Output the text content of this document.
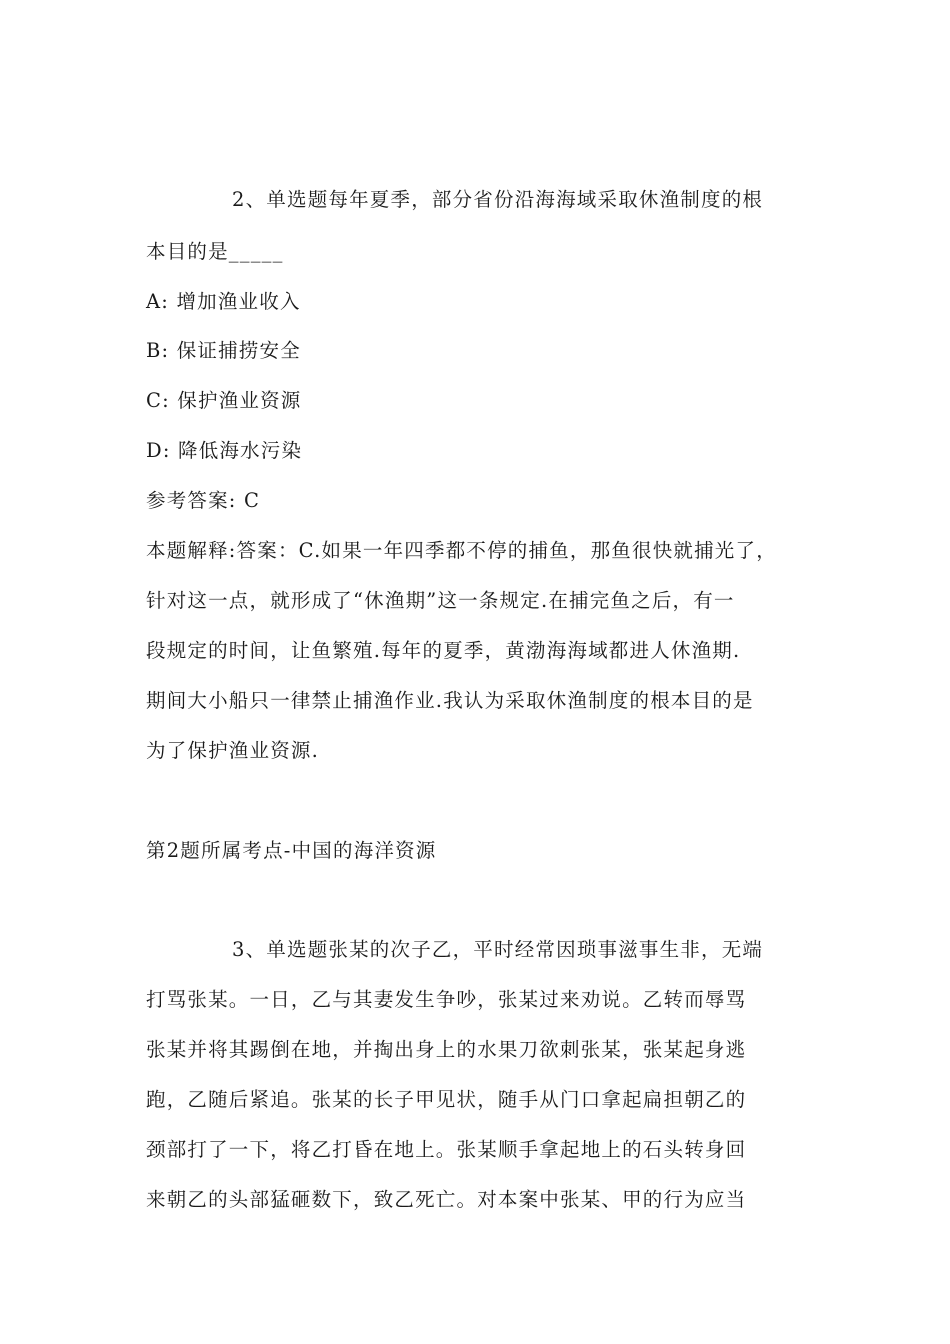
2、单选题每年夏季，部分省份沿海海域采取休渔制度的根
本目的是_____
A: 增加渔业收入
B: 保证捕捞安全
C: 保护渔业资源
D: 降低海水污染
参考答案: C
本题解释:答案：C.如果一年四季都不停的捕鱼，那鱼很快就捕光了，
针对这一点，就形成了“休渔期”这一条规定.在捕完鱼之后，有一
段规定的时间，让鱼繁殖.每年的夏季，黄渤海海域都进人休渔期.
期间大小船只一律禁止捕渔作业.我认为采取休渔制度的根本目的是
为了保护渔业资源.
第2题所属考点-中国的海洋资源
3、单选题张某的次子乙，平时经常因琐事滋事生非，无端
打骂张某。一日，乙与其妻发生争吵，张某过来劝说。乙转而辱骂
张某并将其踢倒在地，并掏出身上的水果刀欲刺张某，张某起身逃
跑，乙随后紧追。张某的长子甲见状，随手从门口拿起扁担朝乙的
颈部打了一下，将乙打昏在地上。张某顺手拿起地上的石头转身回
来朝乙的头部猛砸数下，致乙死亡。对本案中张某、甲的行为应当
